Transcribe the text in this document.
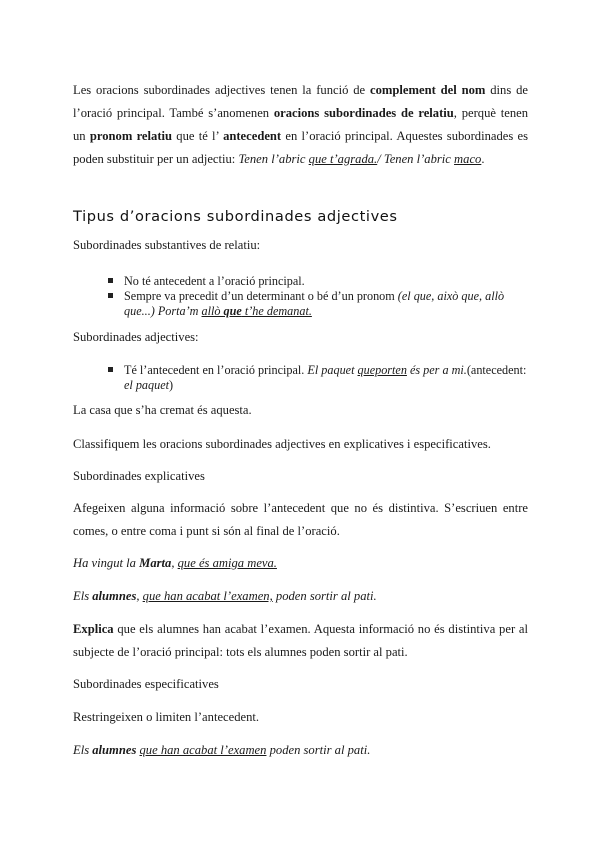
Les oracions subordinades adjectives tenen la funció de complement del nom dins de l’oració principal. També s’anomenen oracions subordinades de relatiu, perquè tenen un pronom relatiu que té l’ antecedent en l’oració principal. Aquestes subordinades es poden substituir per un adjectiu: Tenen l’abric que t’agrada./ Tenen l’abric maco.

Tipus d’oracions subordinades adjectives

Subordinades substantives de relatiu:

No té antecedent a l’oració principal.
Sempre va precedit d’un determinant o bé d’un pronom (el que, això que, allò que...) Porta’m allò que t’he demanat.

Subordinades adjectives:

Té l’antecedent en l’oració principal. El paquet queporten és per a mi.(antecedent: el paquet)

La casa que s’ha cremat és aquesta.

Classifiquem les oracions subordinades adjectives en explicatives i especificatives.

Subordinades explicatives

Afegeixen alguna informació sobre l’antecedent que no és distintiva. S’escriuen entre comes, o entre coma i punt si són al final de l’oració.

Ha vingut la Marta, que és amiga meva.

Els alumnes, que han acabat l’examen, poden sortir al pati.

Explica que els alumnes han acabat l’examen. Aquesta informació no és distintiva per al subjecte de l’oració principal: tots els alumnes poden sortir al pati.

Subordinades especificatives

Restringeixen o limiten l’antecedent.

Els alumnes que han acabat l’examen poden sortir al pati.
